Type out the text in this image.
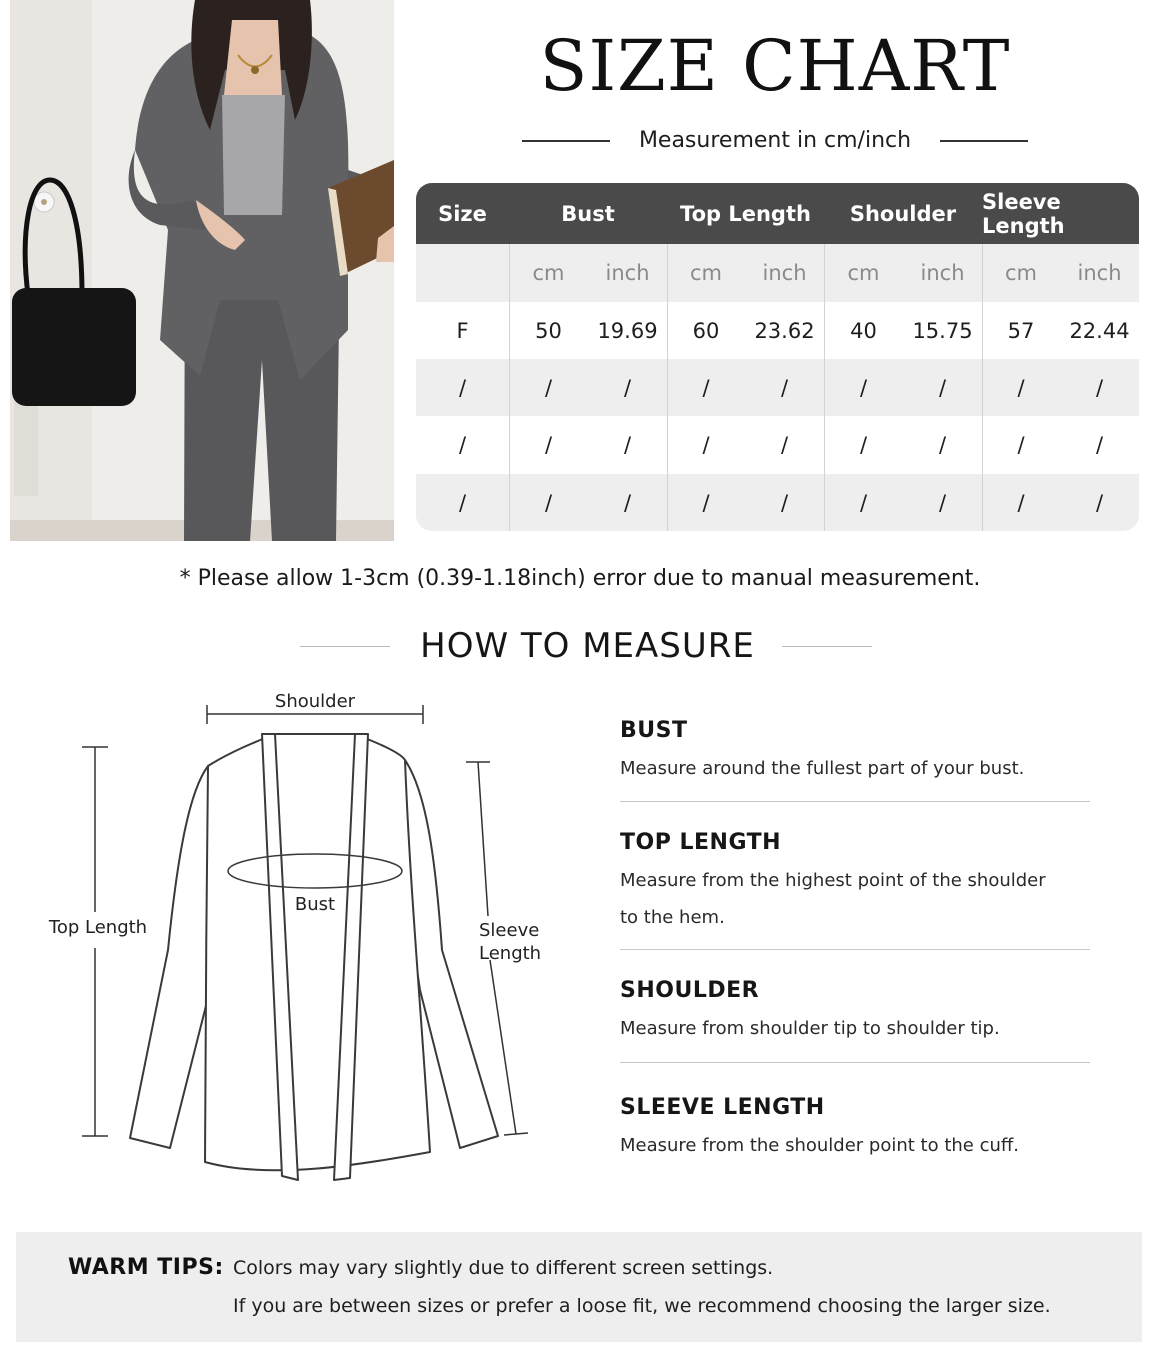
SIZE CHART
Measurement in cm/inch
Size	Bust	Top Length	Shoulder	Sleeve Length
cm	inch	cm	inch	cm	inch	cm	inch
F	50	19.69	60	23.62	40	15.75	57	22.44
/	/	/	/	/	/	/	/	/
/	/	/	/	/	/	/	/	/
/	/	/	/	/	/	/	/	/
* Please allow 1-3cm (0.39-1.18inch) error due to manual measurement.
HOW TO MEASURE
Shoulder
Bust
Top Length	Sleeve
Length
BUST
Measure around the fullest part of your bust.
TOP LENGTH
Measure from the highest point of the shoulder
to the hem.
SHOULDER
Measure from shoulder tip to shoulder tip.
SLEEVE LENGTH
Measure from the shoulder point to the cuff.
WARM TIPS: Colors may vary slightly due to different screen settings.
If you are between sizes or prefer a loose fit, we recommend choosing the larger size.
